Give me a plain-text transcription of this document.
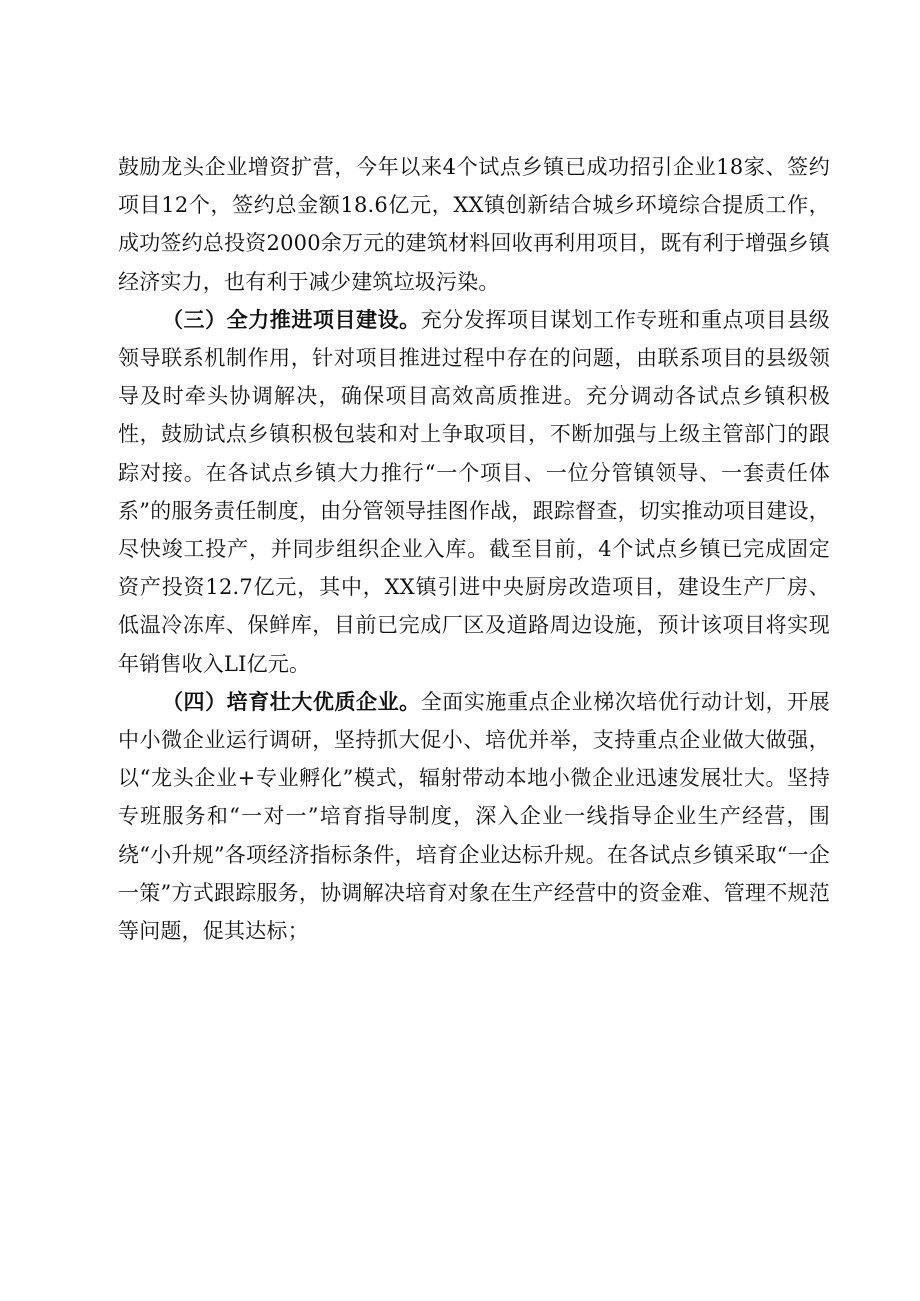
鼓励龙头企业增资扩营，今年以来4个试点乡镇已成功招引企业18家、签约项目12个，签约总金额18.6亿元，XX镇创新结合城乡环境综合提质工作，成功签约总投资2000余万元的建筑材料回收再利用项目，既有利于增强乡镇经济实力，也有利于减少建筑垃圾污染。

（三）全力推进项目建设。充分发挥项目谋划工作专班和重点项目县级领导联系机制作用，针对项目推进过程中存在的问题，由联系项目的县级领导及时牵头协调解决，确保项目高效高质推进。充分调动各试点乡镇积极性，鼓励试点乡镇积极包装和对上争取项目，不断加强与上级主管部门的跟踪对接。在各试点乡镇大力推行“一个项目、一位分管镇领导、一套责任体系”的服务责任制度，由分管领导挂图作战，跟踪督查，切实推动项目建设，尽快竣工投产，并同步组织企业入库。截至目前，4个试点乡镇已完成固定资产投资12.7亿元，其中，XX镇引进中央厨房改造项目，建设生产厂房、低温冷冻库、保鲜库，目前已完成厂区及道路周边设施，预计该项目将实现年销售收入LI亿元。

（四）培育壮大优质企业。全面实施重点企业梯次培优行动计划，开展中小微企业运行调研，坚持抓大促小、培优并举，支持重点企业做大做强，以“龙头企业+专业孵化”模式，辐射带动本地小微企业迅速发展壮大。坚持专班服务和“一对一”培育指导制度，深入企业一线指导企业生产经营，围绕“小升规”各项经济指标条件，培育企业达标升规。在各试点乡镇采取“一企一策”方式跟踪服务，协调解决培育对象在生产经营中的资金难、管理不规范等问题，促其达标；
